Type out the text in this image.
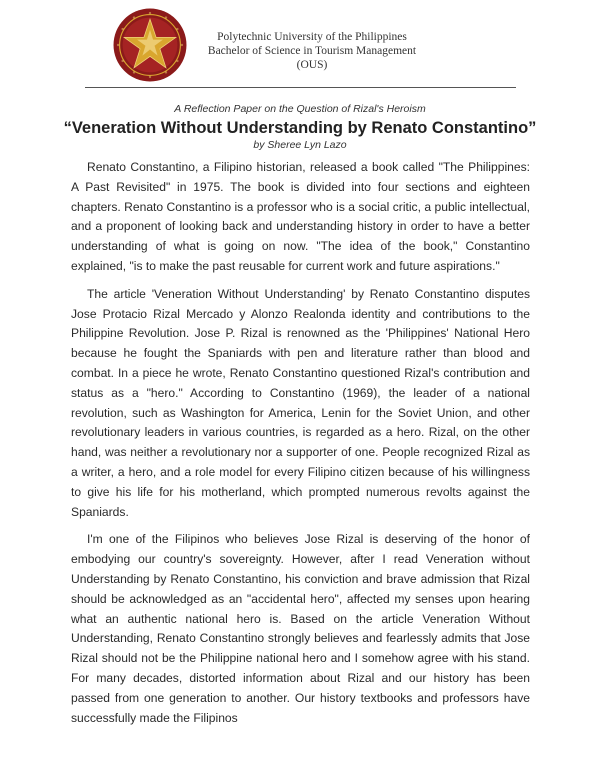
Polytechnic University of the Philippines
Bachelor of Science in Tourism Management (OUS)
A Reflection Paper on the Question of Rizal's Heroism
“Veneration Without Understanding by Renato Constantino”
by Sheree Lyn Lazo

Renato Constantino, a Filipino historian, released a book called "The Philippines: A Past Revisited" in 1975. The book is divided into four sections and eighteen chapters. Renato Constantino is a professor who is a social critic, a public intellectual, and a proponent of looking back and understanding history in order to have a better understanding of what is going on now. "The idea of the book," Constantino explained, "is to make the past reusable for current work and future aspirations."

The article 'Veneration Without Understanding' by Renato Constantino disputes Jose Protacio Rizal Mercado y Alonzo Realonda identity and contributions to the Philippine Revolution. Jose P. Rizal is renowned as the 'Philippines' National Hero because he fought the Spaniards with pen and literature rather than blood and combat. In a piece he wrote, Renato Constantino questioned Rizal's contribution and status as a "hero." According to Constantino (1969), the leader of a national revolution, such as Washington for America, Lenin for the Soviet Union, and other revolutionary leaders in various countries, is regarded as a hero. Rizal, on the other hand, was neither a revolutionary nor a supporter of one. People recognized Rizal as a writer, a hero, and a role model for every Filipino citizen because of his willingness to give his life for his motherland, which prompted numerous revolts against the Spaniards.

I'm one of the Filipinos who believes Jose Rizal is deserving of the honor of embodying our country's sovereignty. However, after I read Veneration without Understanding by Renato Constantino, his conviction and brave admission that Rizal should be acknowledged as an "accidental hero", affected my senses upon hearing what an authentic national hero is. Based on the article Veneration Without Understanding, Renato Constantino strongly believes and fearlessly admits that Jose Rizal should not be the Philippine national hero and I somehow agree with his stand. For many decades, distorted information about Rizal and our history has been passed from one generation to another. Our history textbooks and professors have successfully made the Filipinos
